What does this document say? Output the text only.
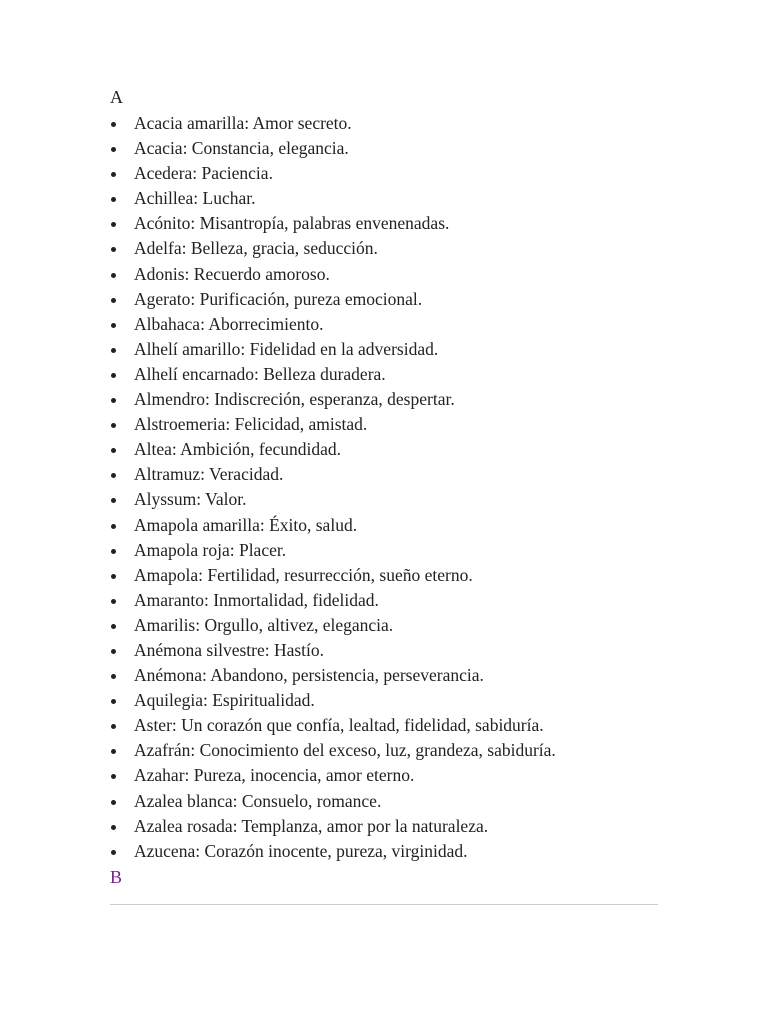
A
Acacia amarilla: Amor secreto.
Acacia: Constancia, elegancia.
Acedera: Paciencia.
Achillea: Luchar.
Acónito: Misantropía, palabras envenenadas.
Adelfa: Belleza, gracia, seducción.
Adonis: Recuerdo amoroso.
Agerato: Purificación, pureza emocional.
Albahaca: Aborrecimiento.
Alhelí amarillo: Fidelidad en la adversidad.
Alhelí encarnado: Belleza duradera.
Almendro: Indiscreción, esperanza, despertar.
Alstroemeria: Felicidad, amistad.
Altea: Ambición, fecundidad.
Altramuz: Veracidad.
Alyssum: Valor.
Amapola amarilla: Éxito, salud.
Amapola roja: Placer.
Amapola: Fertilidad, resurrección, sueño eterno.
Amaranto: Inmortalidad, fidelidad.
Amarilis: Orgullo, altivez, elegancia.
Anémona silvestre: Hastío.
Anémona: Abandono, persistencia, perseverancia.
Aquilegia: Espiritualidad.
Aster: Un corazón que confía, lealtad, fidelidad, sabiduría.
Azafrán: Conocimiento del exceso, luz, grandeza, sabiduría.
Azahar: Pureza, inocencia, amor eterno.
Azalea blanca: Consuelo, romance.
Azalea rosada: Templanza, amor por la naturaleza.
Azucena: Corazón inocente, pureza, virginidad.
B
